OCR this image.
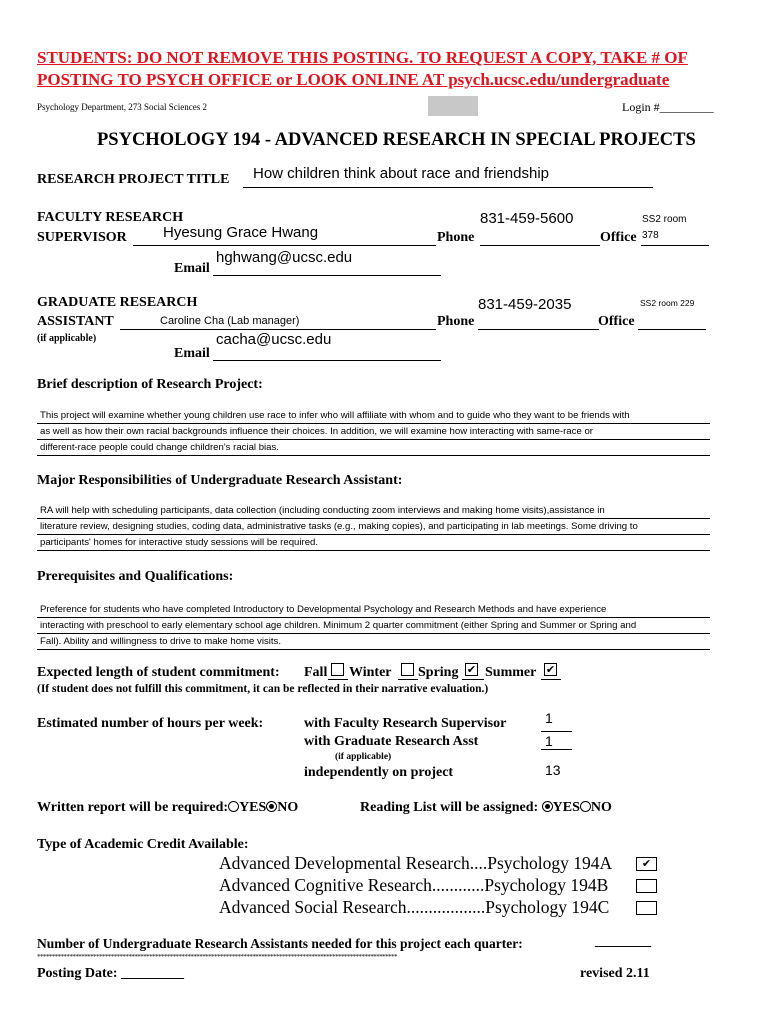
STUDENTS: DO NOT REMOVE THIS POSTING. TO REQUEST A COPY, TAKE # OF
POSTING TO PSYCH OFFICE or LOOK ONLINE AT psych.ucsc.edu/undergraduate
Psychology Department, 273 Social Sciences 2	Login #_________
PSYCHOLOGY 194 - ADVANCED RESEARCH IN SPECIAL PROJECTS
RESEARCH PROJECT TITLE How children think about race and friendship
FACULTY RESEARCH
SUPERVISOR Hyesung Grace Hwang	Phone
831-459-5600
Office
SS2 room
378
Email
hghwang@ucsc.edu
GRADUATE RESEARCH
ASSISTANT
(if applicable)
Caroline Cha (Lab manager)	Phone
831-459-2035
Office
SS2 room 229
Email
cacha@ucsc.edu
Brief description of Research Project:
This project will examine whether young children use race to infer who will affiliate with whom and to guide who they want to be friends with
as well as how their own racial backgrounds influence their choices. In addition, we will examine how interacting with same-race or
different-race people could change children's racial bias.
Major Responsibilities of Undergraduate Research Assistant:
RA will help with scheduling participants, data collection (including conducting zoom interviews and making home visits),assistance in
literature review, designing studies, coding data, administrative tasks (e.g., making copies), and participating in lab meetings. Some driving to
participants' homes for interactive study sessions will be required.
Prerequisites and Qualifications:
Preference for students who have completed Introductory to Developmental Psychology and Research Methods and have experience
interacting with preschool to early elementary school age children. Minimum 2 quarter commitment (either Spring and Summer or Spring and
Fall). Ability and willingness to drive to make home visits.
Expected length of student commitment: Fall Winter Spring ✔ Summer ✔
(If student does not fulfill this commitment, it can be reflected in their narrative evaluation.)
Estimated number of hours per week:	with Faculty Research Supervisor	1
with Graduate Research Asst	1
(if applicable)
independently on project	13
Written report will be required: YES NO	Reading List will be assigned: YES NO
Type of Academic Credit Available:
Advanced Developmental Research....Psychology 194A	✔
Advanced Cognitive Research............Psychology 194B
Advanced Social Research..................Psychology 194C
Number of Undergraduate Research Assistants needed for this project each quarter:	________
**************************************************************************************************************************
Posting Date: _________	revised 2.11
